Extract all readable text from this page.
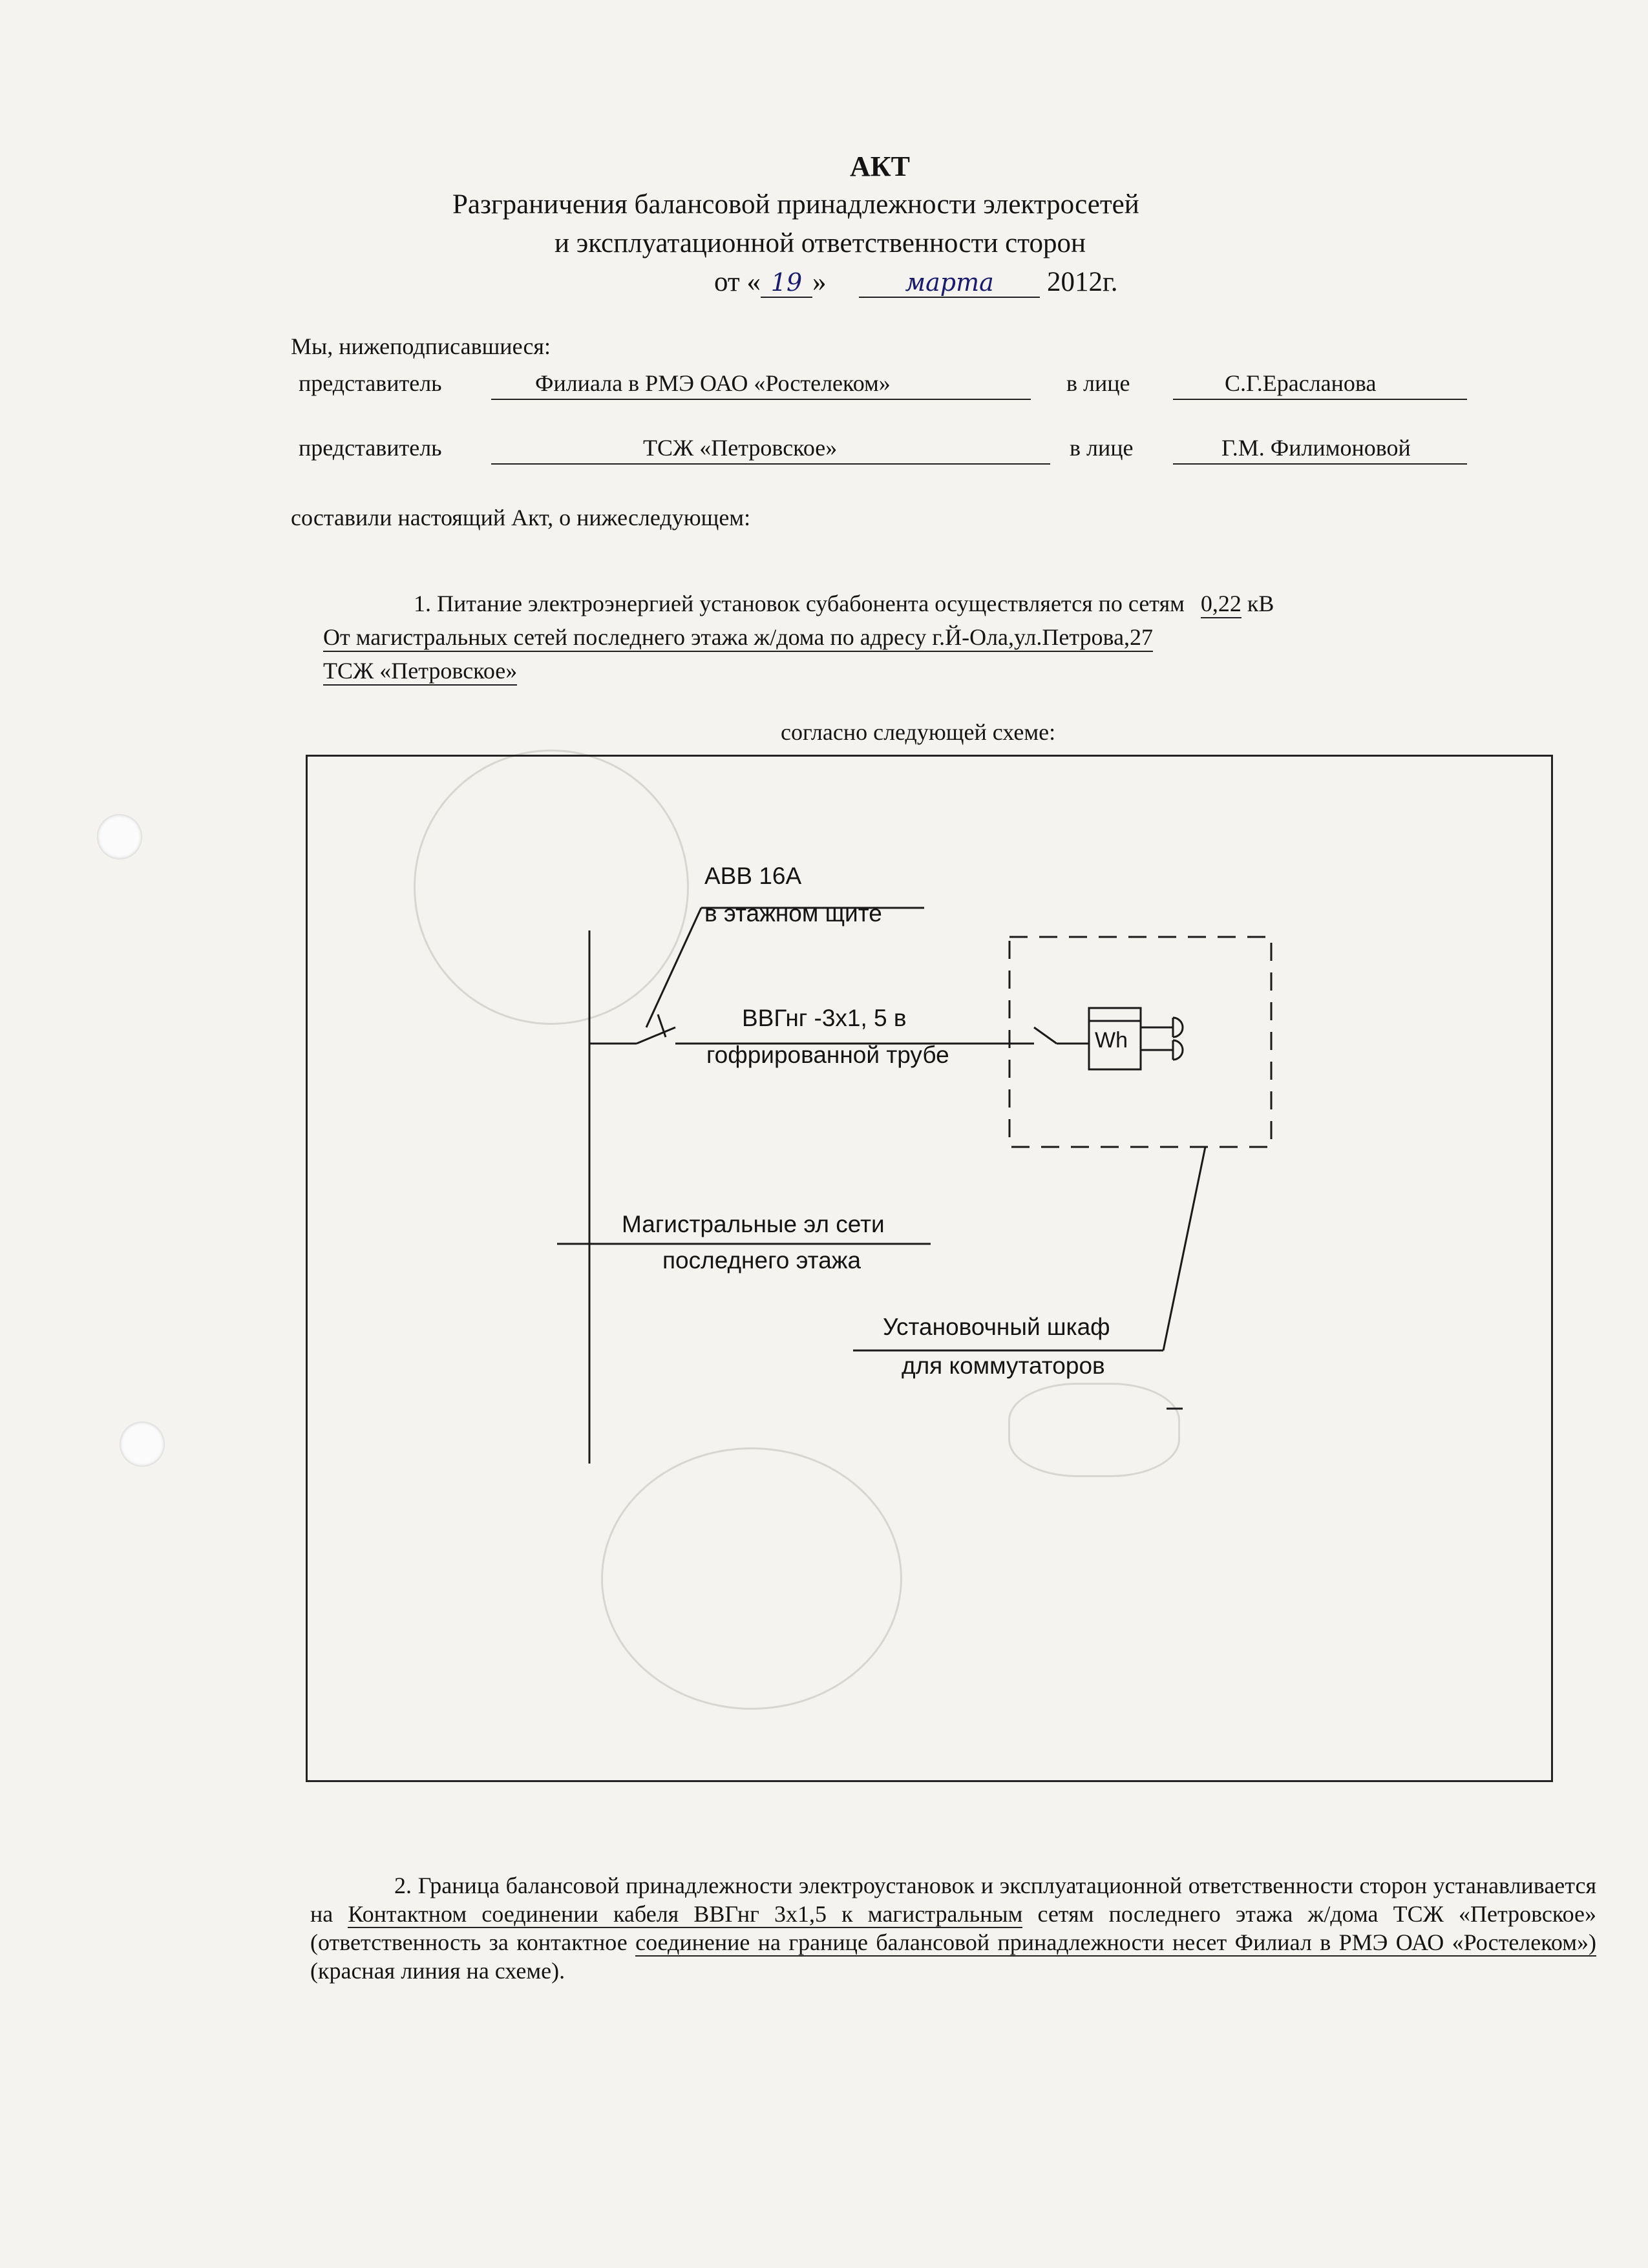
АКТ
Разграничения балансовой принадлежности электросетей
и эксплуатационной ответственности сторон
от « 19 »	марта 2012г.
Мы, нижеподписавшиеся:
представитель	Филиала в РМЭ ОАО «Ростелеком»	в лице	С.Г.Ерасланова
представитель	ТСЖ «Петровское»	в лице	Г.М. Филимоновой
составили настоящий Акт, о нижеследующем:
1. Питание электроэнергией установок субабонента осуществляется по сетям 0,22 кВ
От магистральных сетей последнего этажа ж/дома по адресу г.Й-Ола,ул.Петрова,27
ТСЖ «Петровское»
согласно следующей схеме:
АВВ 16А
в этажном щите
ВВГнг -3х1, 5 в
гофрированной трубе
Wh
Магистральные эл сети
последнего этажа
Установочный шкаф
для коммутаторов
2. Граница балансовой принадлежности электроустановок и эксплуатационной ответственности сторон устанавливается на Контактном соединении кабеля ВВГнг 3х1,5 к магистральным сетям последнего этажа ж/дома ТСЖ «Петровское» (ответственность за контактное соединение на границе балансовой принадлежности несет Филиал в РМЭ ОАО «Ростелеком») (красная линия на схеме).
